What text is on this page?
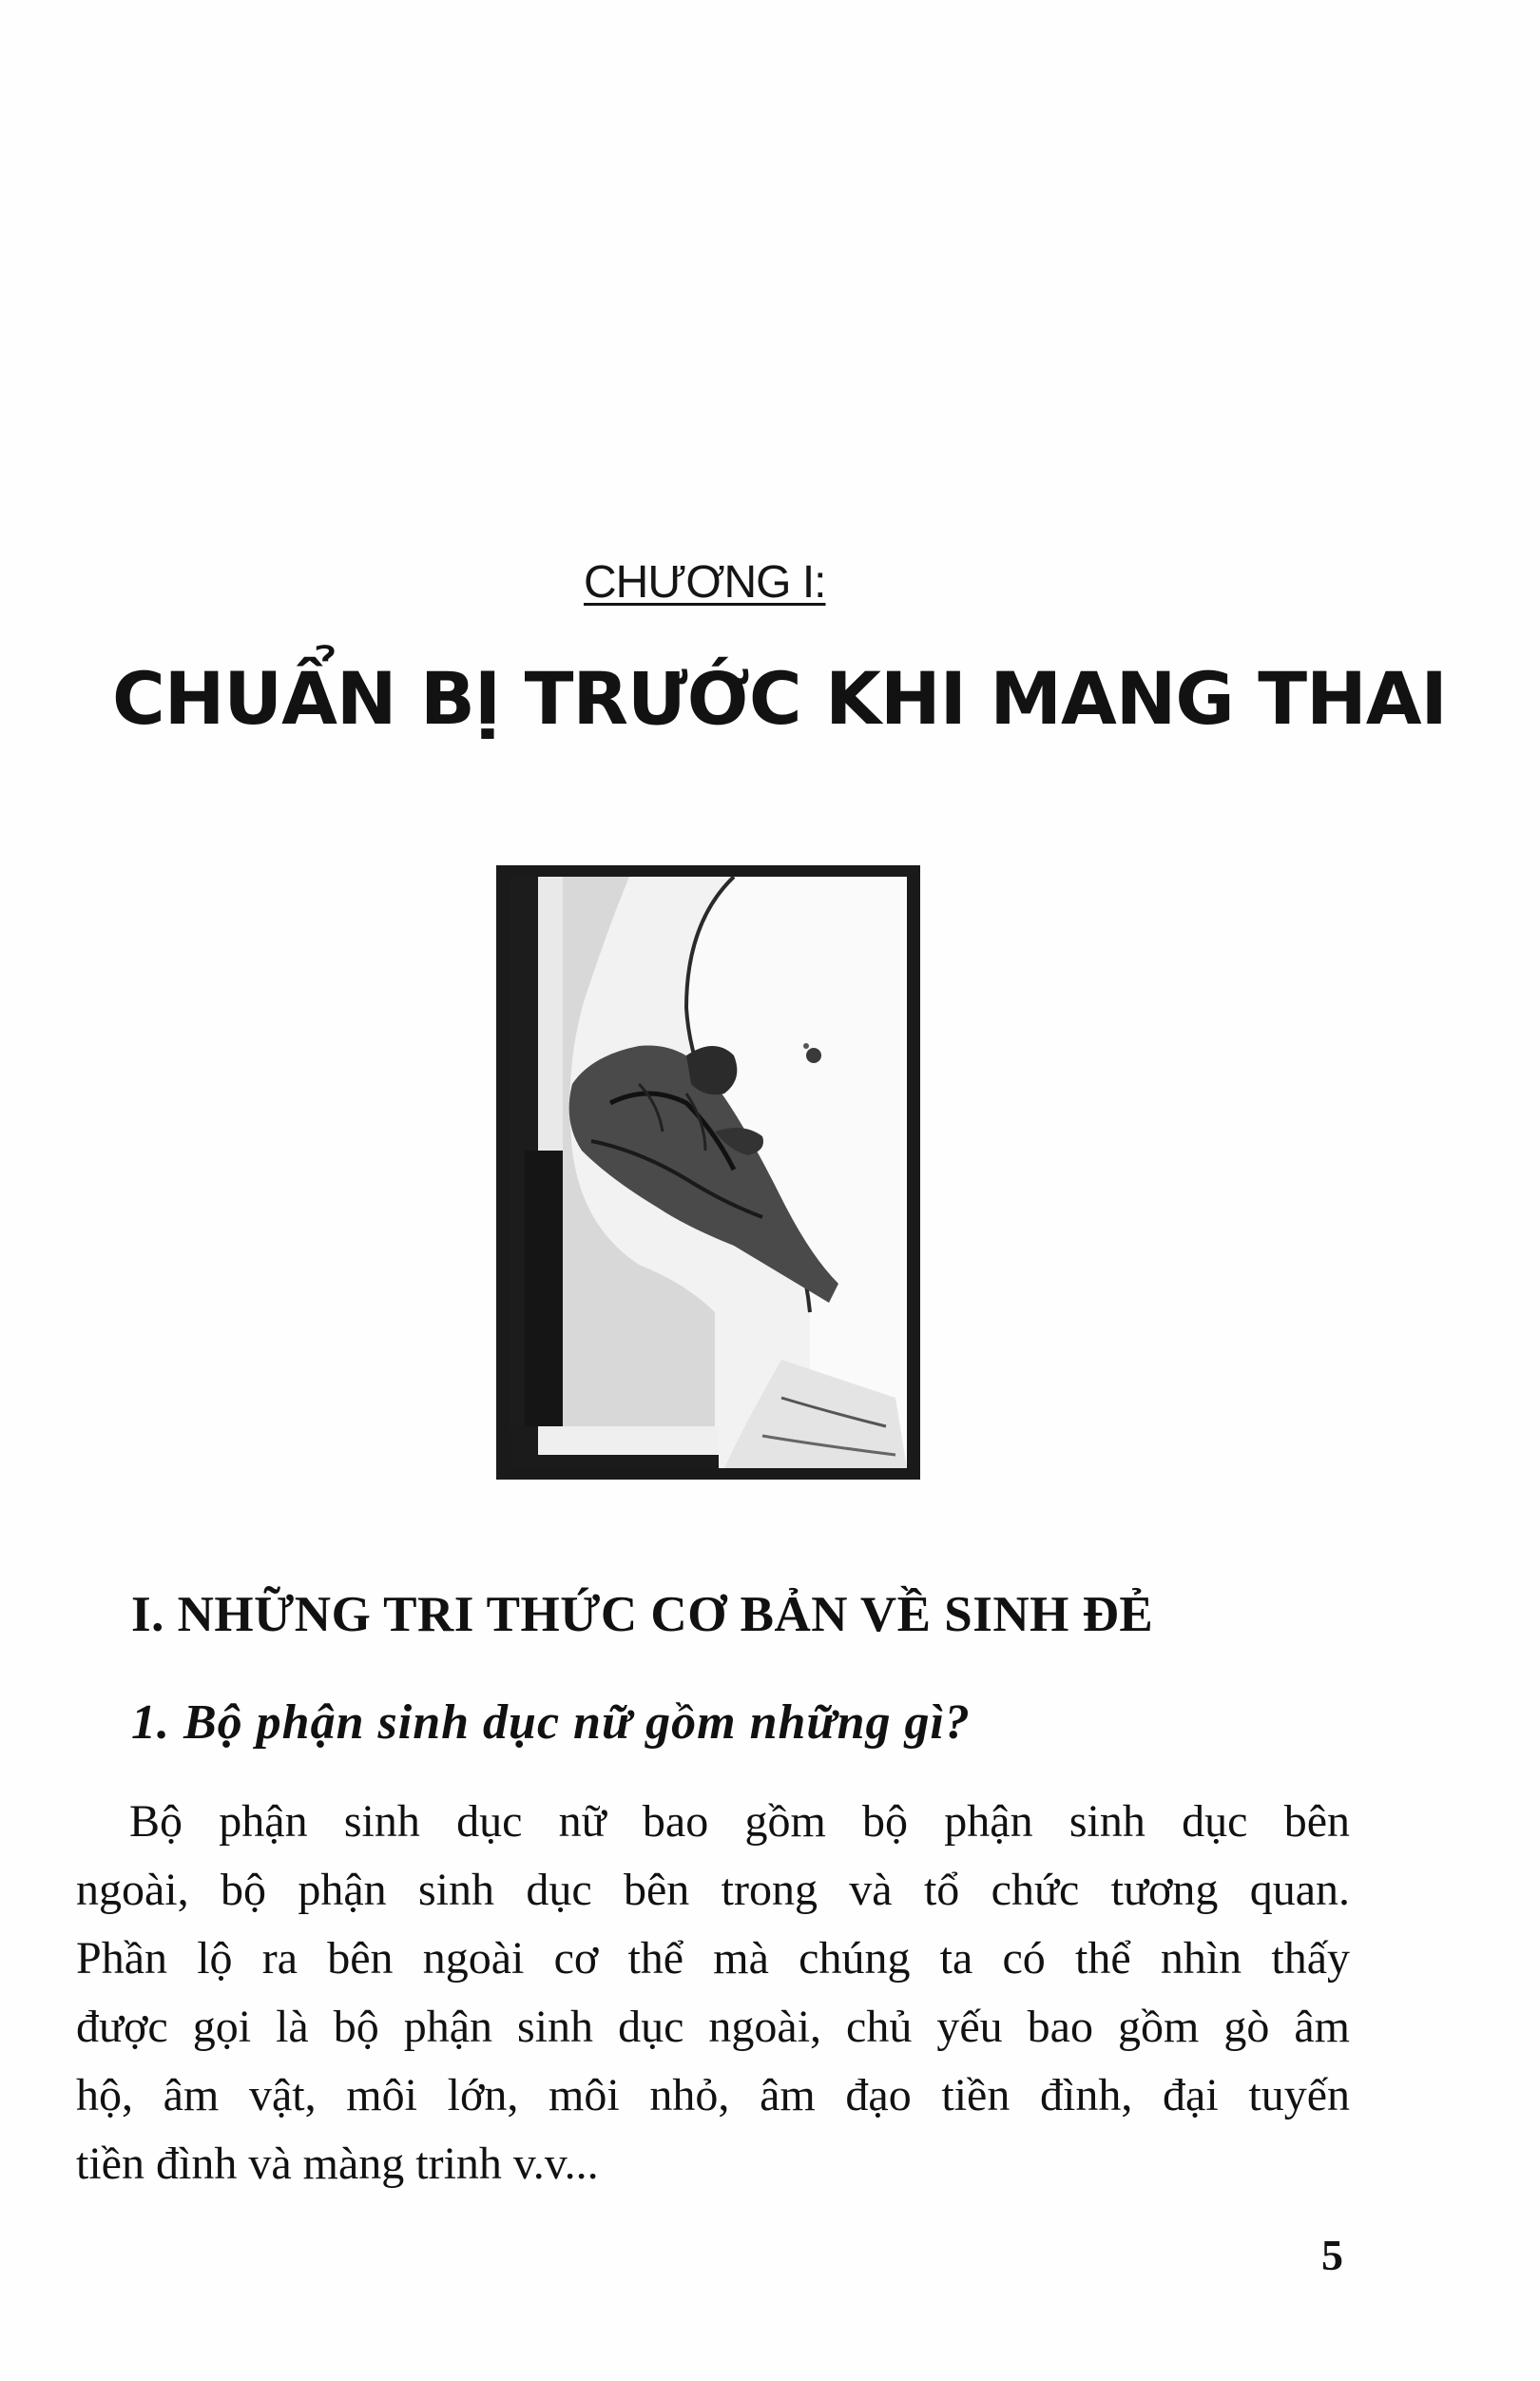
CHƯƠNG I:
CHUẨN BỊ TRƯỚC KHI MANG THAI
I. NHỮNG TRI THỨC CƠ BẢN VỀ SINH ĐẺ
1. Bộ phận sinh dục nữ gồm những gì?
Bộ phận sinh dục nữ bao gồm bộ phận sinh dục bên
ngoài, bộ phận sinh dục bên trong và tổ chức tương quan.
Phần lộ ra bên ngoài cơ thể mà chúng ta có thể nhìn thấy
được gọi là bộ phận sinh dục ngoài, chủ yếu bao gồm gò âm
hộ, âm vật, môi lớn, môi nhỏ, âm đạo tiền đình, đại tuyến
tiền đình và màng trinh v.v...
5
